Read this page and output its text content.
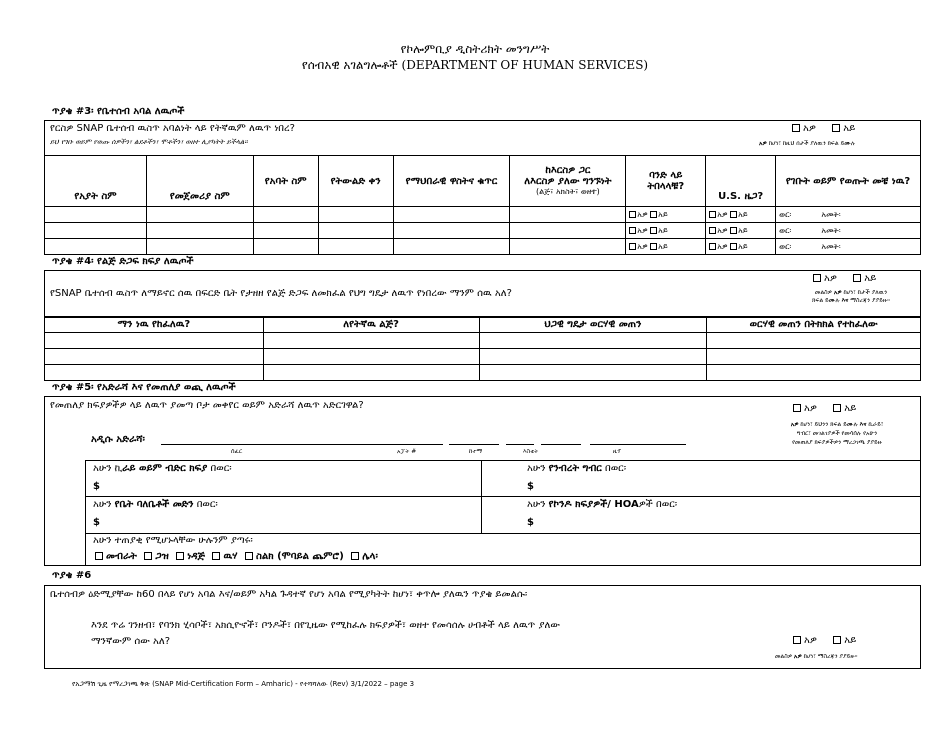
የኮሎምቢያ ዲስትሪክት መንግሥት
የሰብአዊ አገልግሎቶች (DEPARTMENT OF HUMAN SERVICES)
ጥያቄ #3፡ የቤተሰብ አባል ለዉጦች
የርስዎ SNAP ቤተሰብ ዉስጥ አባልነት ላይ የትኛዉም ለዉጥ ነበረ?
ይህ የገቡ ወይም የወጡ ሰዎችን፣ ልደቶችን፣ ሞቶችን፣ ወዘተ ሊያካትት ይችላል።
አዎ	አይ
አዎ ከሆነ፣ ከዚህ በታች ያለዉን ክፍል ይሙሉ
የአያት ስም	የመጀመሪያ ስም	የአባት ስም	የትውልድ ቀን	የማህበራዊ ዋስትና ቁጥር	ከእርስዎ ጋር
ለእርስዎ ያለው ግንኙነት
(ልጅ፣ አክስት፣ ወዘተ)	ባንድ ላይ ትበላላቹ?	U.S. ዜጋ?	የገቡት ወይም የወጡት መቼ ነዉ?
						አዎ አይ	አዎ አይ	ወር፡ አመት፡
						አዎ አይ	አዎ አይ	ወር፡ አመት፡
						አዎ አይ	አዎ አይ	ወር፡ አመት፡
ጥያቄ #4፡ የልጅ ድጋፍ ክፍያ ለዉጦች
የSNAP ቤተሰብ ዉስጥ ለማይኖር ሰዉ በፍርድ ቤት የታዘዘ የልጅ ድጋፍ ለመክፈል የህግ ግዴታ ለዉጥ የነበረው ማንም ሰዉ አለ?
አዎ	አይ
መልስዎ አዎ ከሆነ፣ ከታች ያለዉን
ክፍል ይሙሉ እና ማስረጃን ያያይዙ።
ማን ነዉ የከፈለዉ?	ለየትኛዉ ልጅ?	ህጋዊ ግዴታ ወርሃዊ መጠን	ወርሃዊ መጠን በትክክል የተከፈለው

ጥያቄ #5፡ የአድራሻ እና የመጠለያ ወጪ ለዉጦች
የመጠለያ ክፍያዎችዎ ላይ ለዉጥ ያመጣ ቦታ መቀየር ወይም አድራሻ ለዉጥ አድርገዋል?	አዎ	አይ
አዎ ከሆነ፣ ይህንን ክፍል ይሙሉ እና ኪራይ፣
ግብር፣ መገልገያዎች የመሳሰሉ የአሁን
የመጠለያ ክፍያዎችዎን ማረጋገጫ ያያይዙ
አዲሱ አድራሻ፡
ሰፈር	አፓት #	ከተማ	እስቴት	ዚፕ
አሁን ኪራይ ወይም ብድር ክፍያ በወር፡
$
አሁን የንብረት ግብር በወር፡
$
አሁን የቤት ባለቤቶች መድን በወር፡
$
አሁን የኮንዶ ክፍያዎች/ HOAዎች በወር፡
$
አሁን ተጠያቂ የሚሆኑላቸው ሁሉንም ያጣሩ፡
መብራት ጋዝ ነዳጅ ዉሃ ስልክ (ሞባይል ጨምሮ) ሌላ፡
ጥያቄ #6
ቤተሰብዎ ዕድሚያቸው ከ60 በላይ የሆነ አባል እና/ወይም አካል ጉዳተኛ የሆነ አባል የሚያካትት ከሆነ፣ ቀጥሎ ያለዉን ጥያቄ ይመልሱ፡
እንደ ጥሬ ገንዘብ፣ የባንክ ሂሳቦች፣ አክሲዮኖች፣ ቦንዶች፣ በየጊዜው የሚከፈሉ ክፍያዎች፣ ወዘተ የመሳሰሉ ሀብቶች ላይ ለዉጥ ያለው
ማንኛውም ሰው አለ?	አዎ	አይ
መልስዎ አዎ ከሆነ፣ ማስረጃን ያያይዙ።
የአጋማሽ ጊዜ የማረጋገጫ ቅጽ (SNAP Mid-Certification Form – Amharic) - የተሻሻለው (Rev) 3/1/2022 – page 3
